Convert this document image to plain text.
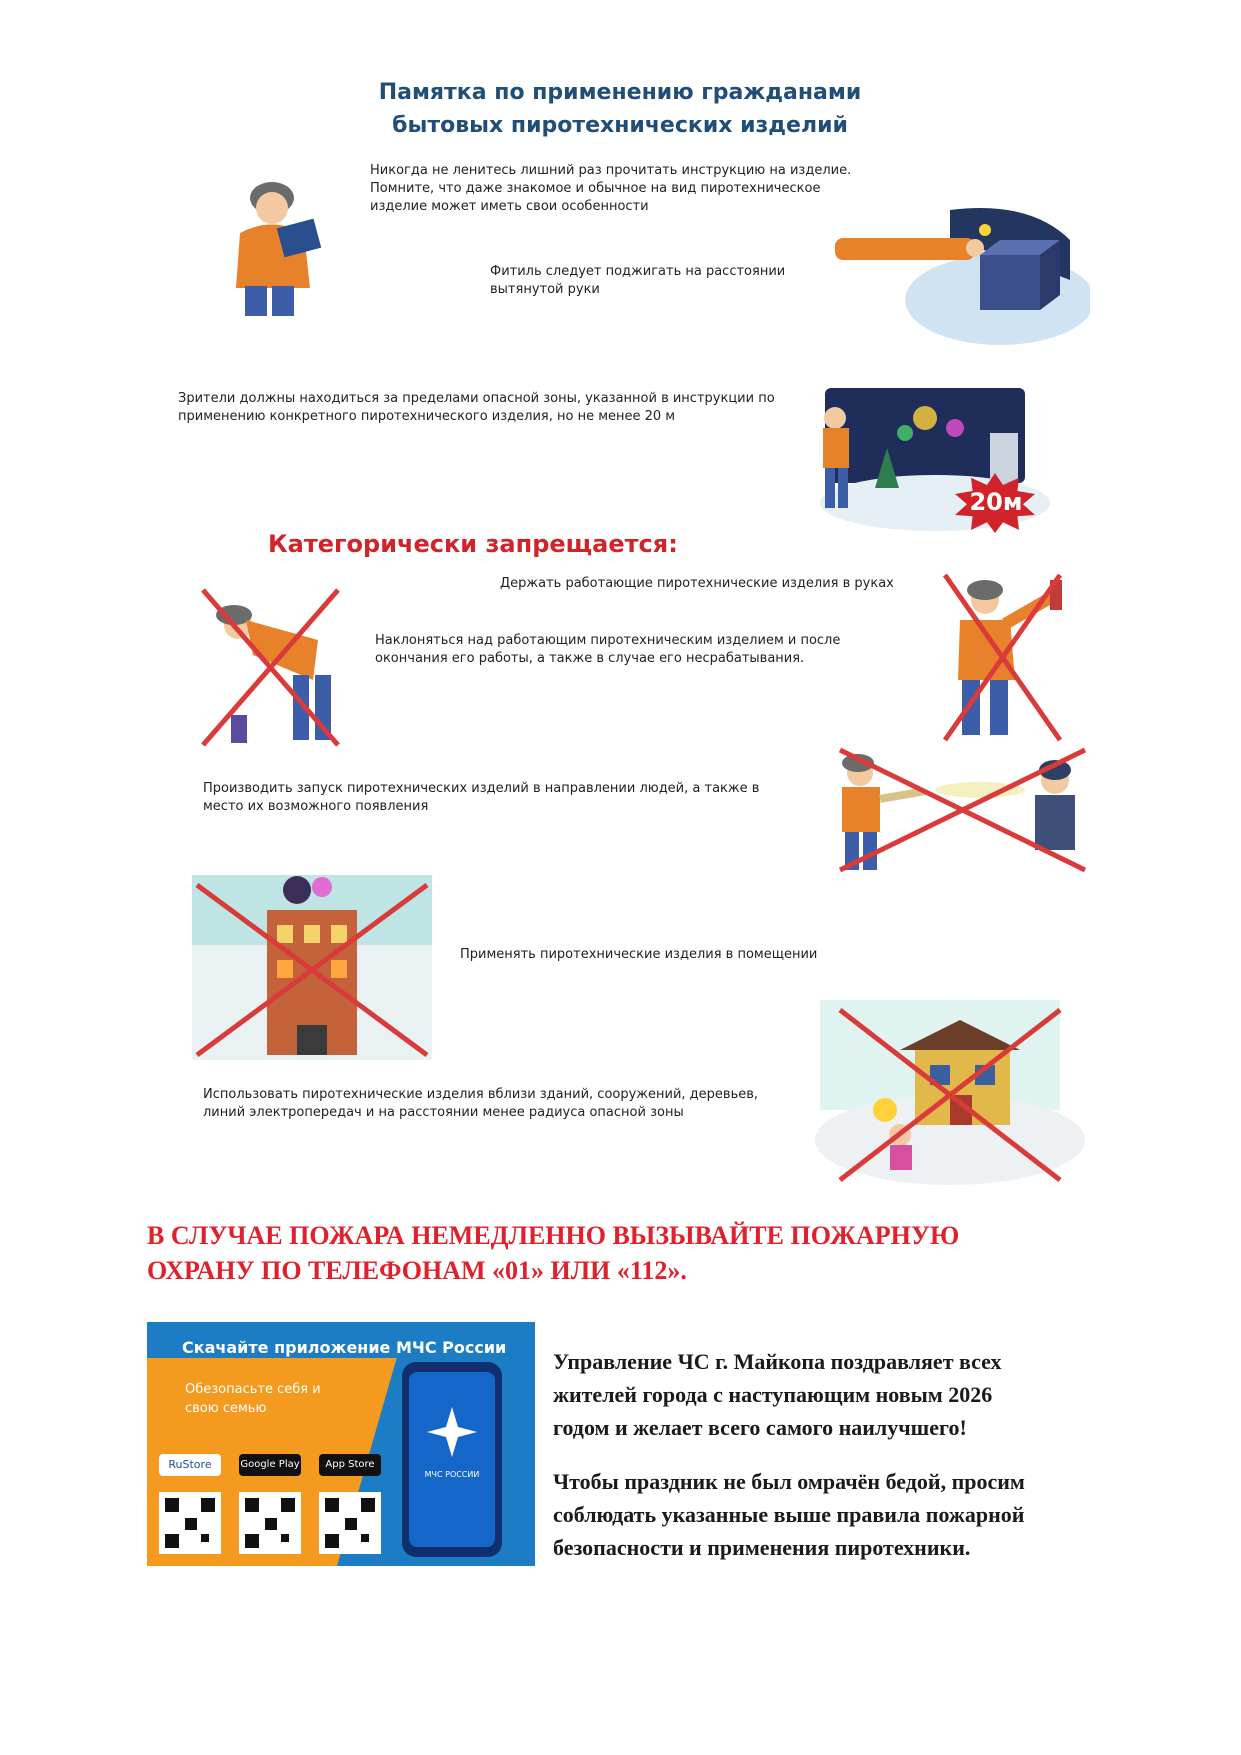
Памятка по применению гражданами
бытовых пиротехнических изделий
Никогда не ленитесь лишний раз прочитать инструкцию на изделие.
Помните, что даже знакомое и обычное на вид пиротехническое
изделие может иметь свои особенности
Фитиль следует поджигать на расстоянии
вытянутой руки
Зрители должны находиться за пределами опасной зоны, указанной в инструкции по
применению конкретного пиротехнического изделия, но не менее 20 м
20м
Категорически запрещается:
Держать работающие пиротехнические изделия в руках
Наклоняться над работающим пиротехническим изделием и после
окончания его работы, а также в случае его несрабатывания.
Производить запуск пиротехнических изделий в направлении людей, а также в
место их возможного появления
Применять пиротехнические изделия в помещении
Использовать пиротехнические изделия вблизи зданий, сооружений, деревьев,
линий электропередач и на расстоянии менее радиуса опасной зоны
В СЛУЧАЕ ПОЖАРА НЕМЕДЛЕННО ВЫЗЫВАЙТЕ ПОЖАРНУЮ
ОХРАНУ ПО ТЕЛЕФОНАМ «01» ИЛИ «112».
Скачайте приложение МЧС России
Обезопасьте себя и
свою семью
RuStore	Google Play	App Store
МЧС РОССИИ
Управление ЧС г. Майкопа поздравляет всех
жителей города с наступающим новым 2026
годом и желает всего самого наилучшего!
Чтобы праздник не был омрачён бедой, просим
соблюдать указанные выше правила пожарной
безопасности и применения пиротехники.
